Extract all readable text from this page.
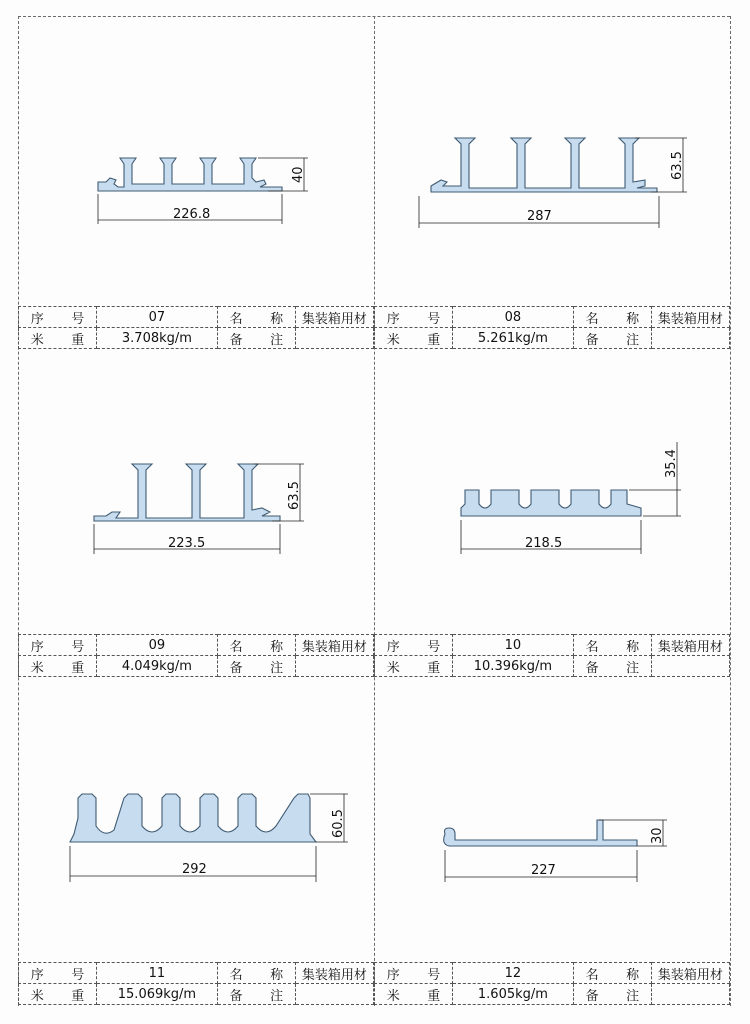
40
226.8
63.5
287
序 号	07	名 称	集装箱用材
米 重	3.708kg/m	备 注	
序 号	08	名 称	集装箱用材
米 重	5.261kg/m	备 注	
63.5
223.5
35.4
218.5
序 号	09	名 称	集装箱用材
米 重	4.049kg/m	备 注	
序 号	10	名 称	集装箱用材
米 重	10.396kg/m	备 注	
60.5
292
30
227
序 号	11	名 称	集装箱用材
米 重	15.069kg/m	备 注	
序 号	12	名 称	集装箱用材
米 重	1.605kg/m	备 注	
